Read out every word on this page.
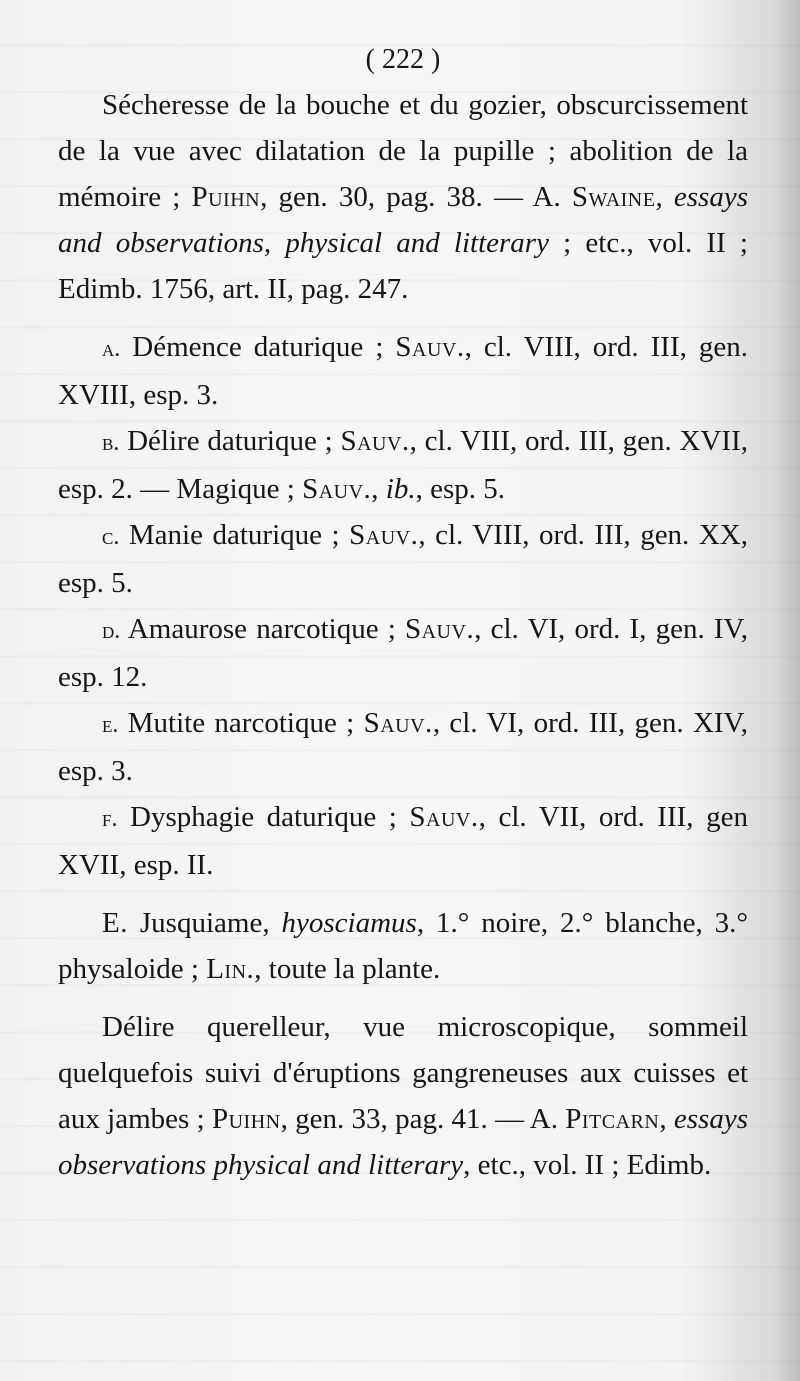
( 222 )

Sécheresse de la bouche et du gozier, obscurcissement de la vue avec dilatation de la pupille ; abolition de la mémoire ; Puihn, gen. 30, pag. 38. — A. Swaine, essays and observations, physical and litterary ; etc., vol. II ; Edimb. 1756, art. II, pag. 247.

a. Démence daturique ; Sauv., cl. VIII, ord. III, gen. XVIII, esp. 3.

b. Délire daturique ; Sauv., cl. VIII, ord. III, gen. XVII, esp. 2. — Magique ; Sauv., ib., esp. 5.

c. Manie daturique ; Sauv., cl. VIII, ord. III, gen. XX, esp. 5.

d. Amaurose narcotique ; Sauv., cl. VI, ord. I, gen. IV, esp. 12.

e. Mutite narcotique ; Sauv., cl. VI, ord. III, gen. XIV, esp. 3.

f. Dysphagie daturique ; Sauv., cl. VII, ord. III, gen XVII, esp. II.

E. Jusquiame, hyosciamus, 1.° noire, 2.° blanche, 3.° physaloide ; Lin., toute la plante.

Délire querelleur, vue microscopique, sommeil quelquefois suivi d'éruptions gangreneuses aux cuisses et aux jambes ; Puihn, gen. 33, pag. 41. — A. Pitcarn, essays observations physical and litterary, etc., vol. II ; Edimb.
